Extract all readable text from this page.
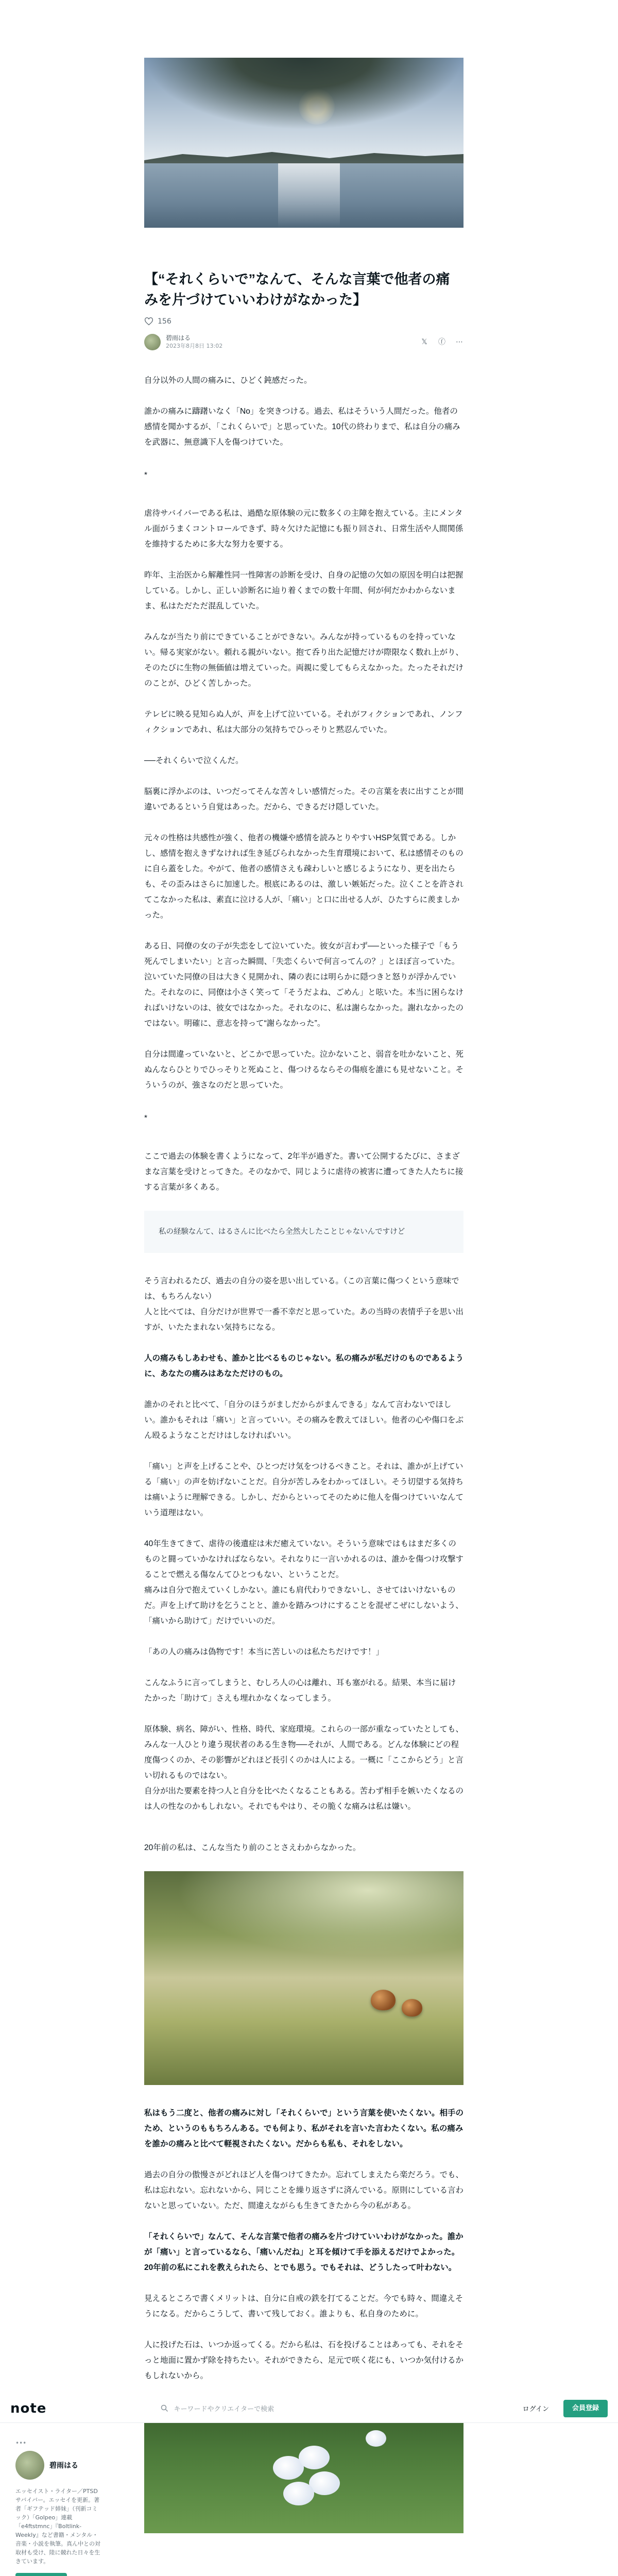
【“それくらいで”なんて、そんな言葉で他者の痛みを片づけていいわけがなかった】
156
碧雨はる
2023年8月8日 13:02	𝕏 ⓕ ⋯

自分以外の人間の痛みに、ひどく鈍感だった。

誰かの痛みに躊躇いなく「No」を突きつける。過去、私はそういう人間だった。他者の感情を聞かするが、「これくらいで」と思っていた。10代の終わりまで、私は自分の痛みを武器に、無意識下人を傷つけていた。

*

虐待サバイバーである私は、過酷な原体験の元に数多くの主障を抱えている。主にメンタル面がうまくコントロールできず、時々欠けた記憶にも振り回され、日常生活や人間関係を維持するために多大な努力を要する。

昨年、主治医から解離性同一性障害の診断を受け、自身の記憶の欠如の原因を明白は把握している。しかし、正しい診断名に辿り着くまでの数十年間、何が何だかわからないまま、私はただただ混乱していた。

みんなが当たり前にできていることができない。みんなが持っているものを持っていない。帰る実家がない。頼れる親がいない。抱て呑り出た記憶だけが際限なく数れ上がり、そのたびに生物の無価値は増えていった。両親に愛してもらえなかった。たったそれだけのことが、ひどく苦しかった。

テレビに映る見知らぬ人が、声を上げて泣いている。それがフィクションであれ、ノンフィクションであれ、私は大部分の気持ちでひっそりと黙忍んでいた。

──それくらいで泣くんだ。

脳裏に浮かぶのは、いつだってそんな苦々しい感情だった。その言葉を表に出すことが間違いであるという自覚はあった。だから、できるだけ隠していた。

元々の性格は共感性が強く、他者の機嫌や感情を読みとりやすいHSP気質である。しかし、感情を抱えきずなければ生き延びられなかった生育環境において、私は感情そのものに自ら蓋をした。やがて、他者の感情さえも疎わしいと感じるようになり、更を出たらも、その歪みはさらに加速した。根底にあるのは、激しい嫉妬だった。泣くことを許されてこなかった私は、素直に泣ける人が、「痛い」と口に出せる人が、ひたすらに羨ましかった。

ある日、同僚の女の子が失恋をして泣いていた。彼女が言わず──といった様子で「もう死んでしまいたい」と言った瞬間、「失恋くらいで何言ってんの？」とほぼ言っていた。泣いていた同僚の目は大きく見開かれ、隣の表には明らかに隠つきと怒りが浮かんでいた。それなのに、同僚は小さく笑って「そうだよね、ごめん」と呟いた。本当に困らなければいけないのは、彼女ではなかった。それなのに、私は謝らなかった。謝れなかったのではない。明確に、意志を持って“謝らなかった”。

自分は間違っていないと、どこかで思っていた。泣かないこと、弱音を吐かないこと、死ぬんならひとりでひっそりと死ぬこと、傷つけるならその傷痕を誰にも見せないこと。そういうのが、強さなのだと思っていた。

*

ここで過去の体験を書くようになって、2年半が過ぎた。書いて公開するたびに、さまざまな言葉を受けとってきた。そのなかで、同じように虐待の被害に遭ってきた人たちに接する言葉が多くある。

私の経験なんて、はるさんに比べたら全然大したことじゃないんですけど

そう言われるたび、過去の自分の姿を思い出している。（この言葉に傷つくという意味では、もちろんない）
人と比べては、自分だけが世界で一番不幸だと思っていた。あの当時の表情乎子を思い出すが、いたたまれない気持ちになる。

人の痛みもしあわせも、誰かと比べるものじゃない。私の痛みが私だけのものであるように、あなたの痛みはあなただけのもの。

誰かのそれと比べて、「自分のほうがましだからがまんできる」なんて言わないでほしい。誰かもそれは「痛い」と言っていい。その痛みを教えてほしい。他者の心や傷口をぶん殴るようなことだけはしなければいい。

「痛い」と声を上げることや、ひとつだけ気をつけるべきこと。それは、誰かが上げている「痛い」の声を妨げないことだ。自分が苦しみをわかってほしい。そう切望する気持ちは痛いように理解できる。しかし、だからといってそのために他人を傷つけていいなんていう道理はない。

40年生きてきて、虐待の後遺症は未だ癒えていない。そういう意味ではもはまだ多くのものと闘っていかなければならない。それなりに一言いかれるのは、誰かを傷つけ攻撃することで燃える傷なんてひとつもない、ということだ。
痛みは自分で抱えていくしかない。誰にも肩代わりできないし、させてはいけないものだ。声を上げて助けを乞うことと、誰かを踏みつけにすることを混ぜこぜにしないよう、「痛いから助けて」だけでいいのだ。

「あの人の痛みは偽物です！本当に苦しいのは私たちだけです！」

こんなふうに言ってしまうと、むしろ人の心は離れ、耳も塞がれる。結果、本当に届けたかった「助けて」さえも埋れかなくなってしまう。

原体験、病名、障がい、性格、時代、家庭環境。これらの一部が重なっていたとしても、みんな一人ひとり違う現状者のある生き物──それが、人間である。どんな体験にどの程度傷つくのか、その影響がどれほど長引くのかは人による。一概に「ここからどう」と言い切れるものではない。
自分が出た要素を持つ人と自分を比べたくなることもある。苦わず相手を嫉いたくなるのは人の性なのかもしれない。それでもやはり、その脆くな痛みは私は嫌い。

20年前の私は、こんな当たり前のことさえわからなかった。

私はもう二度と、他者の痛みに対し「それくらいで」という言葉を使いたくない。相手のため、というのももちろんある。でも何より、私がそれを言いた言わたくない。私の痛みを誰かの痛みと比べて軽視されたくない。だからも私も、それをしない。

過去の自分の傲慢さがどれほど人を傷つけてきたか。忘れてしまえたら楽だろう。でも、私は忘れない。忘れないから、同じことを繰り返さずに済んでいる。原則にしている言わないと思っていない。ただ、間違えながらも生きてきたから今の私がある。

「それくらいで」なんて、そんな言葉で他者の痛みを片づけていいわけがなかった。誰かが「痛い」と言っているなら、「痛いんだね」と耳を傾けて手を添えるだけでよかった。20年前の私にこれを教えられたら、とでも思う。でもそれは、どうしたって叶わない。

見えるところで書くメリットは、自分に自戒の鉄を打てることだ。今でも時々、間違えそうになる。だからこうして、書いて残しておく。誰よりも、私自身のために。

人に投げた石は、いつか返ってくる。だから私は、石を投げることはあっても、それをそっと地面に置かず除を持ちたい。それができたら、足元で咲く花にも、いつか気付けるかもしれないから。

•••
碧雨はる
エッセイスト・ライター／PTSDサバイバー。エッセイを更新。著者「ギフテッド姉妹」（刊新コミック）「Golpeo」連載「e4ftstmnc」『Boltlink-Weekly』など書籍・メンタル・音楽・小説を執筆。真ん中との対取材も受け、陸に競れた日々を生きています。
note	キーワードやクリエイターで検索	ログイン	会員登録
